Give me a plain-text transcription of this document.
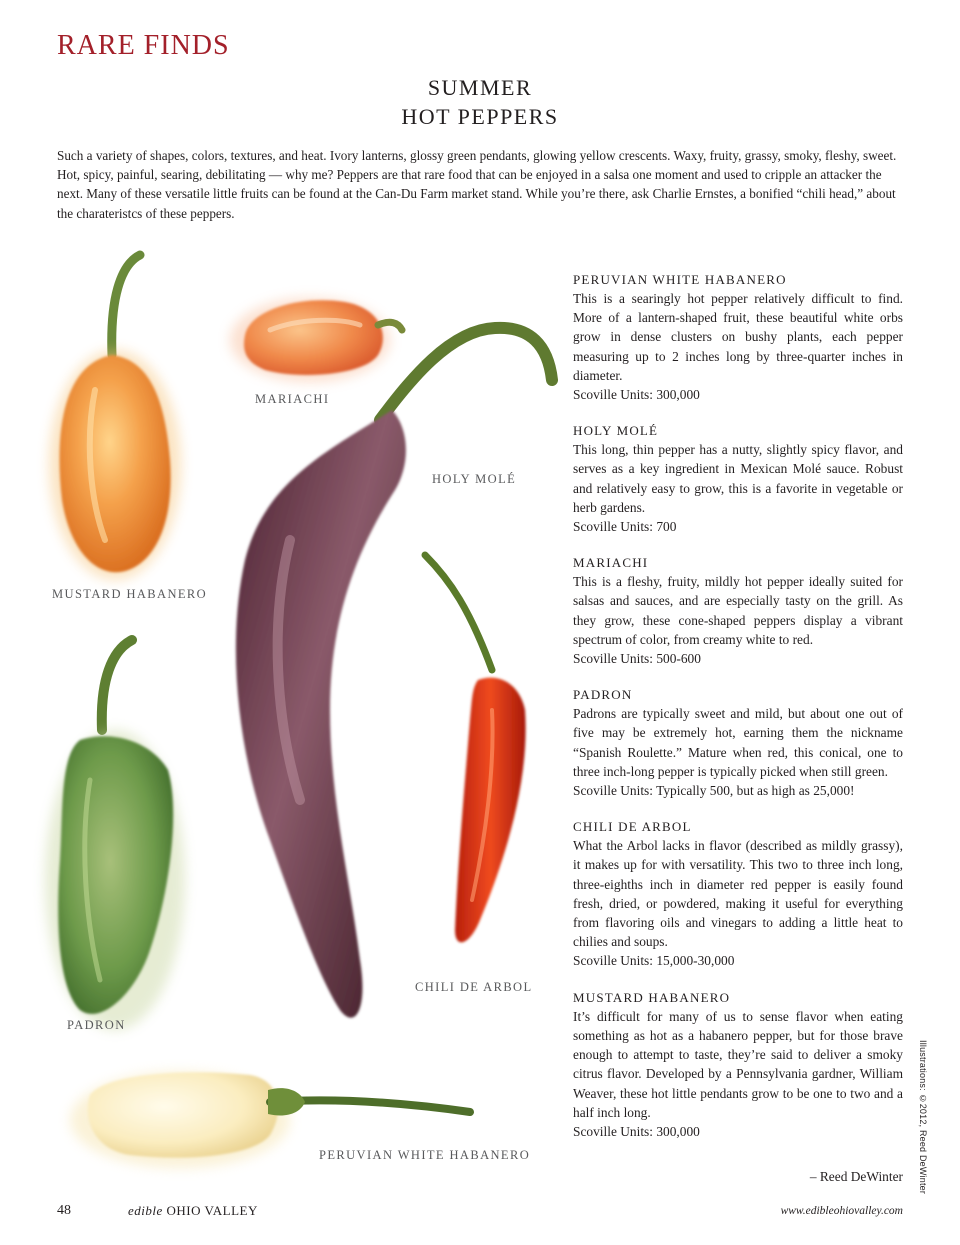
RARE FINDS
SUMMER
HOT PEPPERS

Such a variety of shapes, colors, textures, and heat. Ivory lanterns, glossy green pendants, glowing yellow crescents. Waxy, fruity, grassy, smoky, fleshy, sweet. Hot, spicy, painful, searing, debilitating — why me? Peppers are that rare food that can be enjoyed in a salsa one moment and used to cripple an attacker the next. Many of these versatile little fruits can be found at the Can-Du Farm market stand. While you’re there, ask Charlie Ernstes, a bonified “chili head,” about the charateristcs of these peppers.

MARIACHI
HOLY MOLÉ
MUSTARD HABANERO
CHILI DE ARBOL
PADRON
PERUVIAN WHITE HABANERO

PERUVIAN WHITE HABANERO

This is a searingly hot pepper relatively difficult to find. More of a lantern-shaped fruit, these beautiful white orbs grow in dense clusters on bushy plants, each pepper measuring up to 2 inches long by three-quarter inches in diameter.

Scoville Units: 300,000

HOLY MOLÉ

This long, thin pepper has a nutty, slightly spicy flavor, and serves as a key ingredient in Mexican Molé sauce. Robust and relatively easy to grow, this is a favorite in vegetable or herb gardens.

Scoville Units: 700

MARIACHI

This is a fleshy, fruity, mildly hot pepper ideally suited for salsas and sauces, and are especially tasty on the grill. As they grow, these cone-shaped peppers display a vibrant spectrum of color, from creamy white to red.

Scoville Units: 500-600

PADRON

Padrons are typically sweet and mild, but about one out of five may be extremely hot, earning them the nickname “Spanish Roulette.” Mature when red, this conical, one to three inch-long pepper is typically picked when still green.

Scoville Units: Typically 500, but as high as 25,000!

CHILI DE ARBOL

What the Arbol lacks in flavor (described as mildly grassy), it makes up for with versatility. This two to three inch long, three-eighths inch in diameter red pepper is easily found fresh, dried, or powdered, making it useful for everything from flavoring oils and vinegars to adding a little heat to chilies and soups.

Scoville Units: 15,000-30,000

MUSTARD HABANERO

It’s difficult for many of us to sense flavor when eating something as hot as a habanero pepper, but for those brave enough to attempt to taste, they’re said to deliver a smoky citrus flavor. Developed by a Pennsylvania gardner, William Weaver, these hot little pendants grow to be one to two and a half inch long.

Scoville Units: 300,000

– Reed DeWinter Illustrations: ©2012, Reed DeWinter
48	edible OHIO VALLEY	www.edibleohiovalley.com
